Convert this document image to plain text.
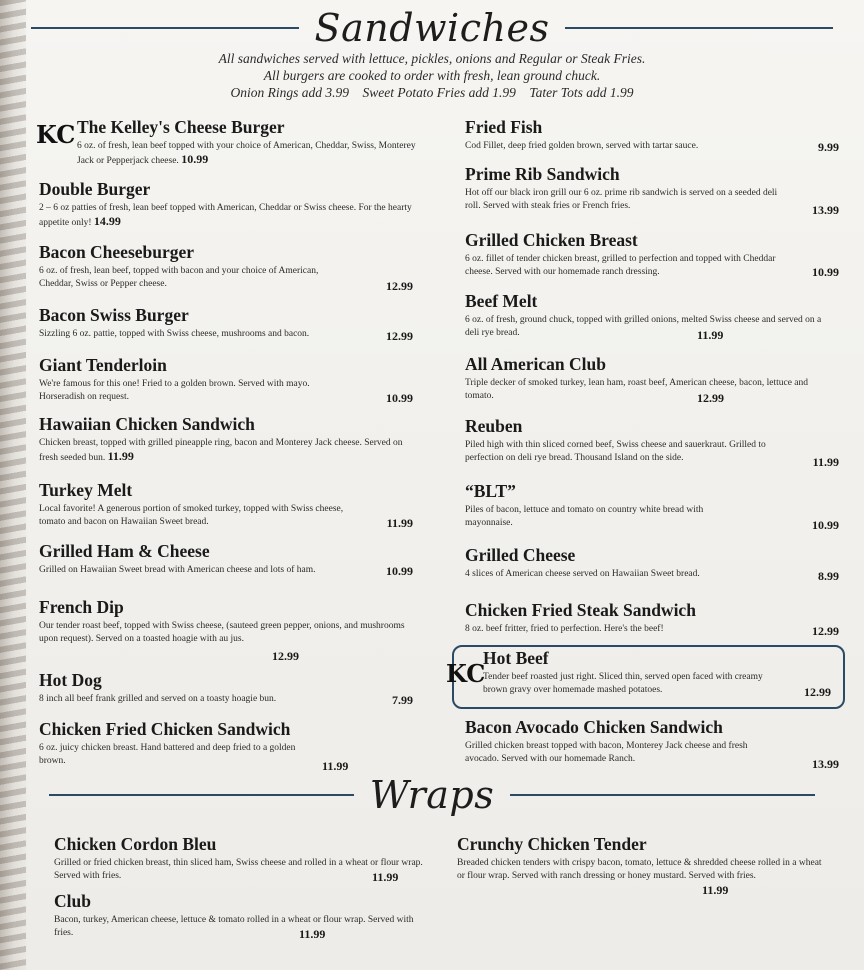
Sandwiches
All sandwiches served with lettuce, pickles, onions and Regular or Steak Fries.
All burgers are cooked to order with fresh, lean ground chuck.
Onion Rings add 3.99    Sweet Potato Fries add 1.99    Tater Tots add 1.99
KC The Kelley's Cheese Burger
6 oz. of fresh, lean beef topped with your choice of American, Cheddar, Swiss, Monterey Jack or Pepperjack cheese. 10.99
Double Burger
2 – 6 oz patties of fresh, lean beef topped with American, Cheddar or Swiss cheese. For the hearty appetite only! 14.99
Bacon Cheeseburger
6 oz. of fresh, lean beef, topped with bacon and your choice of American, Cheddar, Swiss or Pepper cheese.	12.99
Bacon Swiss Burger
Sizzling 6 oz. pattie, topped with Swiss cheese, mushrooms and bacon.	12.99
Giant Tenderloin
We're famous for this one! Fried to a golden brown. Served with mayo. Horseradish on request.	10.99
Hawaiian Chicken Sandwich
Chicken breast, topped with grilled pineapple ring, bacon and Monterey Jack cheese. Served on fresh seeded bun. 11.99
Turkey Melt
Local favorite! A generous portion of smoked turkey, topped with Swiss cheese, tomato and bacon on Hawaiian Sweet bread.	11.99
Grilled Ham & Cheese
Grilled on Hawaiian Sweet bread with American cheese and lots of ham.	10.99
French Dip
Our tender roast beef, topped with Swiss cheese, (sauteed green pepper, onions, and mushrooms upon request). Served on a toasted hoagie with au jus.
12.99
Hot Dog
8 inch all beef frank grilled and served on a toasty hoagie bun.	7.99
Chicken Fried Chicken Sandwich
6 oz. juicy chicken breast. Hand battered and deep fried to a golden brown.	11.99
Fried Fish
Cod Fillet, deep fried golden brown, served with tartar sauce.	9.99
Prime Rib Sandwich
Hot off our black iron grill our 6 oz. prime rib sandwich is served on a seeded deli roll. Served with steak fries or French fries.	13.99
Grilled Chicken Breast
6 oz. fillet of tender chicken breast, grilled to perfection and topped with Cheddar cheese. Served with our homemade ranch dressing.	10.99
Beef Melt
6 oz. of fresh, ground chuck, topped with grilled onions, melted Swiss cheese and served on a deli rye bread.	11.99
All American Club
Triple decker of smoked turkey, lean ham, roast beef, American cheese, bacon, lettuce and tomato.	12.99
Reuben
Piled high with thin sliced corned beef, Swiss cheese and sauerkraut. Grilled to perfection on deli rye bread. Thousand Island on the side.	11.99
“BLT”
Piles of bacon, lettuce and tomato on country white bread with mayonnaise.	10.99
Grilled Cheese
4 slices of American cheese served on Hawaiian Sweet bread.	8.99
Chicken Fried Steak Sandwich
8 oz. beef fritter, fried to perfection. Here's the beef!	12.99
KC
Hot Beef
Tender beef roasted just right. Sliced thin, served open faced with creamy brown gravy over homemade mashed potatoes.	12.99
Bacon Avocado Chicken Sandwich
Grilled chicken breast topped with bacon, Monterey Jack cheese and fresh avocado. Served with our homemade Ranch.	13.99
Wraps
Chicken Cordon Bleu
Grilled or fried chicken breast, thin sliced ham, Swiss cheese and rolled in a wheat or flour wrap. Served with fries.	11.99
Club
Bacon, turkey, American cheese, lettuce & tomato rolled in a wheat or flour wrap. Served with fries.	11.99
Crunchy Chicken Tender
Breaded chicken tenders with crispy bacon, tomato, lettuce & shredded cheese rolled in a wheat or flour wrap. Served with ranch dressing or honey mustard. Served with fries.
11.99
